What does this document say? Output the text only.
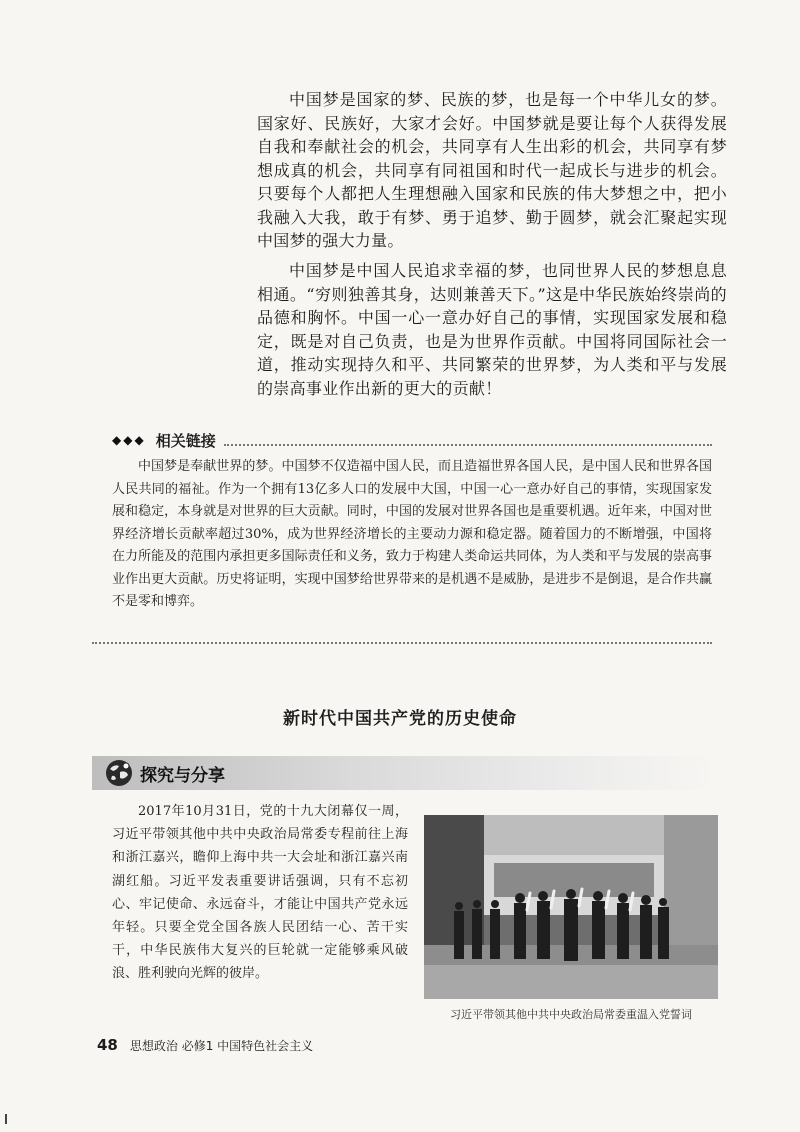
中国梦是国家的梦、民族的梦，也是每一个中华儿女的梦。国家好、民族好，大家才会好。中国梦就是要让每个人获得发展自我和奉献社会的机会，共同享有人生出彩的机会，共同享有梦想成真的机会，共同享有同祖国和时代一起成长与进步的机会。只要每个人都把人生理想融入国家和民族的伟大梦想之中，把小我融入大我，敢于有梦、勇于追梦、勤于圆梦，就会汇聚起实现中国梦的强大力量。

中国梦是中国人民追求幸福的梦，也同世界人民的梦想息息相通。“穷则独善其身，达则兼善天下。”这是中华民族始终崇尚的品德和胸怀。中国一心一意办好自己的事情，实现国家发展和稳定，既是对自己负责，也是为世界作贡献。中国将同国际社会一道，推动实现持久和平、共同繁荣的世界梦，为人类和平与发展的崇高事业作出新的更大的贡献！

◆◆◆ 相关链接

中国梦是奉献世界的梦。中国梦不仅造福中国人民，而且造福世界各国人民，是中国人民和世界各国人民共同的福祉。作为一个拥有13亿多人口的发展中大国，中国一心一意办好自己的事情，实现国家发展和稳定，本身就是对世界的巨大贡献。同时，中国的发展对世界各国也是重要机遇。近年来，中国对世界经济增长贡献率超过30%，成为世界经济增长的主要动力源和稳定器。随着国力的不断增强，中国将在力所能及的范围内承担更多国际责任和义务，致力于构建人类命运共同体，为人类和平与发展的崇高事业作出更大贡献。历史将证明，实现中国梦给世界带来的是机遇不是威胁，是进步不是倒退，是合作共赢不是零和博弈。

新时代中国共产党的历史使命
探究与分享

2017年10月31日，党的十九大闭幕仅一周，习近平带领其他中共中央政治局常委专程前往上海和浙江嘉兴，瞻仰上海中共一大会址和浙江嘉兴南湖红船。习近平发表重要讲话强调，只有不忘初心、牢记使命、永远奋斗，才能让中国共产党永远年轻。只要全党全国各族人民团结一心、苦干实干，中华民族伟大复兴的巨轮就一定能够乘风破浪、胜利驶向光辉的彼岸。

习近平带领其他中共中央政治局常委重温入党誓词
48 思想政治 必修1 中国特色社会主义
